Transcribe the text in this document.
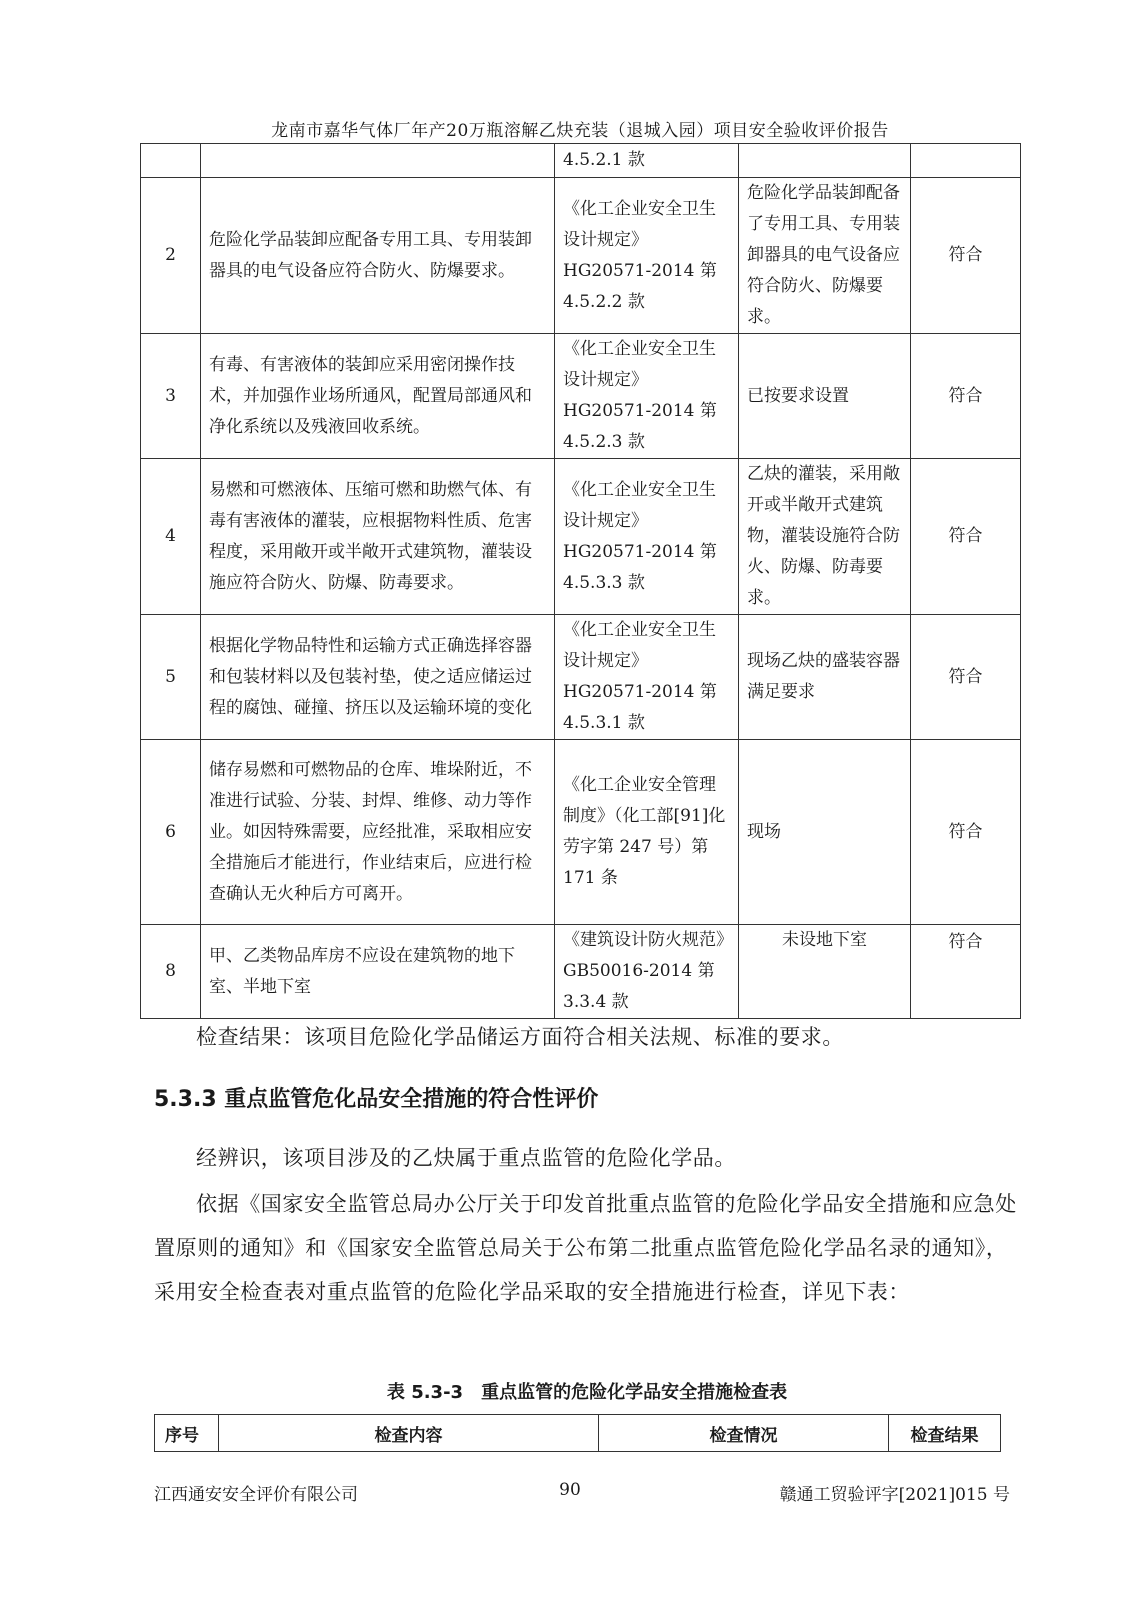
龙南市嘉华气体厂年产20万瓶溶解乙炔充装（退城入园）项目安全验收评价报告
		4.5.2.1 款		
2	危险化学品装卸应配备专用工具、专用装卸器具的电气设备应符合防火、防爆要求。	《化工企业安全卫生设计规定》HG20571-2014 第 4.5.2.2 款	危险化学品装卸配备了专用工具、专用装卸器具的电气设备应符合防火、防爆要求。	符合
3	有毒、有害液体的装卸应采用密闭操作技术，并加强作业场所通风，配置局部通风和净化系统以及残液回收系统。	《化工企业安全卫生设计规定》HG20571-2014 第 4.5.2.3 款	已按要求设置	符合
4	易燃和可燃液体、压缩可燃和助燃气体、有毒有害液体的灌装，应根据物料性质、危害程度，采用敞开或半敞开式建筑物，灌装设施应符合防火、防爆、防毒要求。	《化工企业安全卫生设计规定》HG20571-2014 第 4.5.3.3 款	乙炔的灌装，采用敞开或半敞开式建筑物，灌装设施符合防火、防爆、防毒要求。	符合
5	根据化学物品特性和运输方式正确选择容器和包装材料以及包装衬垫，使之适应储运过程的腐蚀、碰撞、挤压以及运输环境的变化	《化工企业安全卫生设计规定》HG20571-2014 第 4.5.3.1 款	现场乙炔的盛装容器满足要求	符合
6	储存易燃和可燃物品的仓库、堆垛附近，不准进行试验、分装、封焊、维修、动力等作业。如因特殊需要，应经批准，采取相应安全措施后才能进行，作业结束后，应进行检查确认无火种后方可离开。	《化工企业安全管理制度》（化工部[91]化劳字第 247 号）第 171 条	现场	符合
8	甲、乙类物品库房不应设在建筑物的地下室、半地下室	《建筑设计防火规范》GB50016-2014 第 3.3.4 款	未设地下室	符合
检查结果：该项目危险化学品储运方面符合相关法规、标准的要求。
5.3.3 重点监管危化品安全措施的符合性评价
经辨识，该项目涉及的乙炔属于重点监管的危险化学品。
依据《国家安全监管总局办公厅关于印发首批重点监管的危险化学品安全措施和应急处置原则的通知》和《国家安全监管总局关于公布第二批重点监管危险化学品名录的通知》，采用安全检查表对重点监管的危险化学品采取的安全措施进行检查，详见下表：
表 5.3-3　重点监管的危险化学品安全措施检查表
序号	检查内容	检查情况	检查结果
江西通安安全评价有限公司	90	赣通工贸验评字[2021]015 号
